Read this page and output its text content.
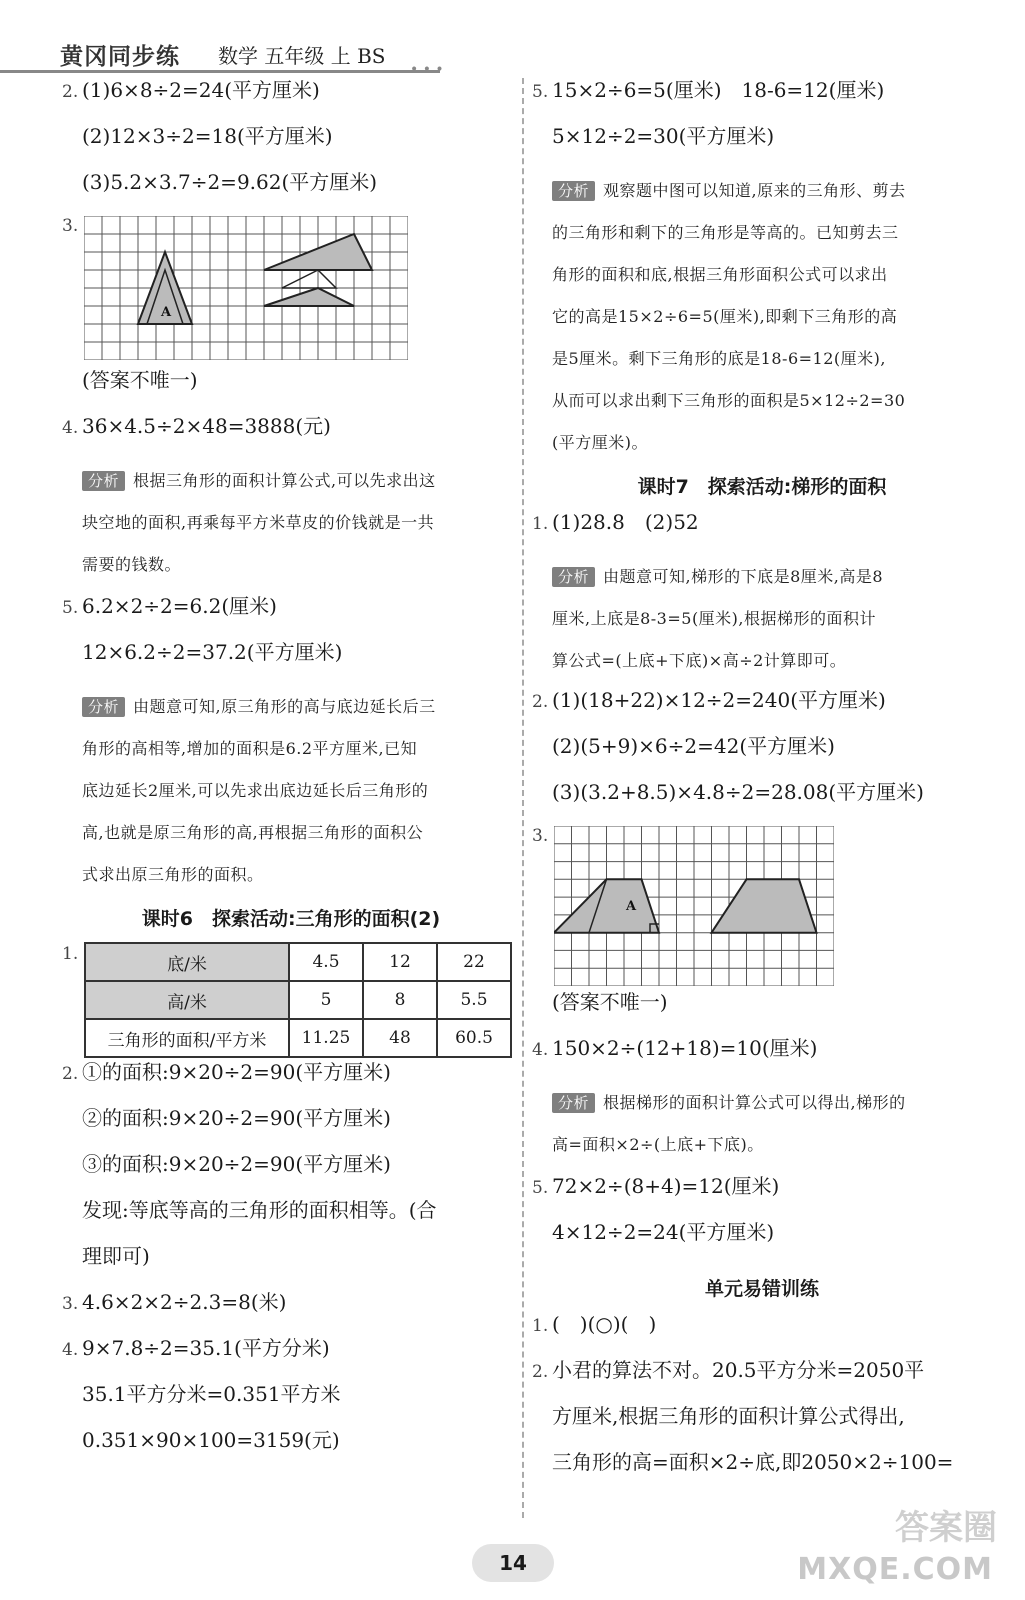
黄冈同步练 数学 五年级 上 BS
• • •
2. (1)6×8÷2=24(平方厘米)
(2)12×3÷2=18(平方厘米)
(3)5.2×3.7÷2=9.62(平方厘米)
3.
A
(答案不唯一)
4. 36×4.5÷2×48=3888(元)
分析 根据三角形的面积计算公式,可以先求出这
块空地的面积,再乘每平方米草皮的价钱就是一共
需要的钱数。
5. 6.2×2÷2=6.2(厘米)
12×6.2÷2=37.2(平方厘米)
分析 由题意可知,原三角形的高与底边延长后三
角形的高相等,增加的面积是6.2平方厘米,已知
底边延长2厘米,可以先求出底边延长后三角形的
高,也就是原三角形的高,再根据三角形的面积公
式求出原三角形的面积。
课时6　探索活动:三角形的面积(2)
1.
底/米	4.5	12	22
高/米	5	8	5.5
三角形的面积/平方米	11.25	48	60.5
2. ①的面积:9×20÷2=90(平方厘米)
②的面积:9×20÷2=90(平方厘米)
③的面积:9×20÷2=90(平方厘米)
发现:等底等高的三角形的面积相等。(合
理即可)
3. 4.6×2×2÷2.3=8(米)
4. 9×7.8÷2=35.1(平方分米)
35.1平方分米=0.351平方米
0.351×90×100=3159(元)
5. 15×2÷6=5(厘米)　18-6=12(厘米)
5×12÷2=30(平方厘米)
分析 观察题中图可以知道,原来的三角形、剪去
的三角形和剩下的三角形是等高的。已知剪去三
角形的面积和底,根据三角形面积公式可以求出
它的高是15×2÷6=5(厘米),即剩下三角形的高
是5厘米。剩下三角形的底是18-6=12(厘米),
从而可以求出剩下三角形的面积是5×12÷2=30
(平方厘米)。
课时7　探索活动:梯形的面积
1. (1)28.8　(2)52
分析 由题意可知,梯形的下底是8厘米,高是8
厘米,上底是8-3=5(厘米),根据梯形的面积计
算公式=(上底+下底)×高÷2计算即可。
2. (1)(18+22)×12÷2=240(平方厘米)
(2)(5+9)×6÷2=42(平方厘米)
(3)(3.2+8.5)×4.8÷2=28.08(平方厘米)
3.
A
(答案不唯一)
4. 150×2÷(12+18)=10(厘米)
分析 根据梯形的面积计算公式可以得出,梯形的
高=面积×2÷(上底+下底)。
5. 72×2÷(8+4)=12(厘米)
4×12÷2=24(平方厘米)
单元易错训练
1. (　)(○)(　)
2. 小君的算法不对。20.5平方分米=2050平
方厘米,根据三角形的面积计算公式得出,
三角形的高=面积×2÷底,即2050×2÷100=
14
答案圈
MXQE.COM
